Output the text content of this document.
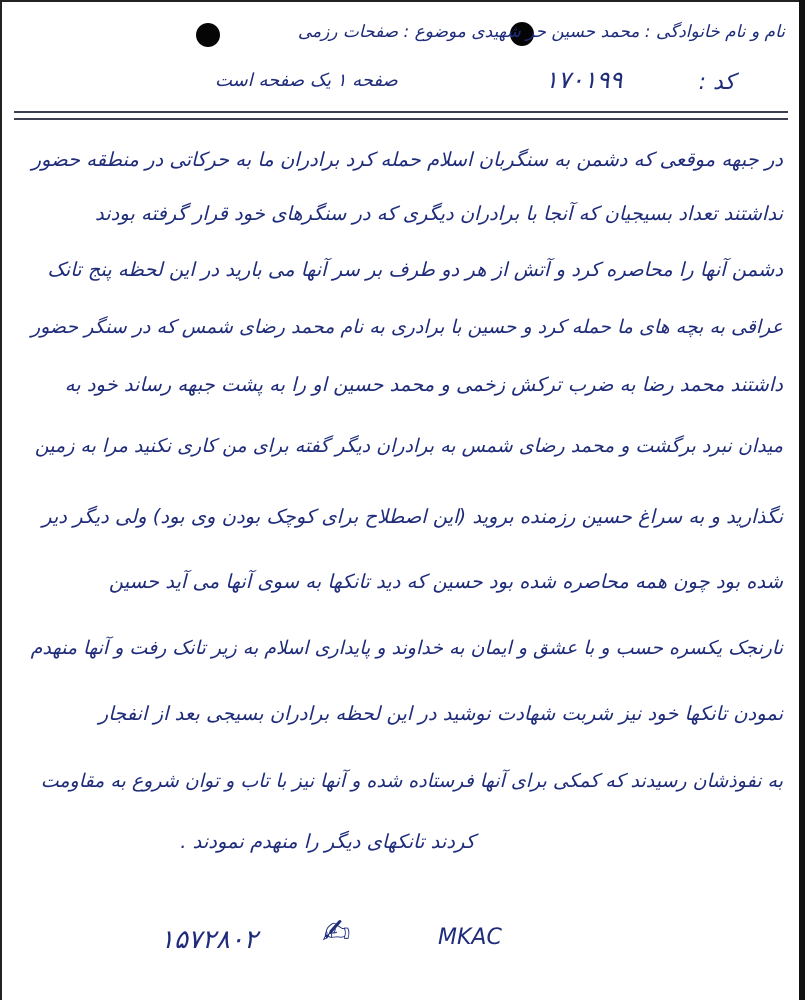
نام و نام خانوادگی : محمد حسین حر شهیدی موضوع : صفحات رزمی
کد :
۱۷۰۱۹۹
صفحه ۱ یک صفحه است
در جبهه موقعی که دشمن به سنگربان اسلام حمله کرد برادران ما به حرکاتی در منطقه حضور
نداشتند تعداد بسیجیان که آنجا با برادران دیگری که در سنگرهای خود قرار گرفته بودند
دشمن آنها را محاصره کرد و آتش از هر دو طرف بر سر آنها می بارید در این لحظه پنج تانک
عراقی به بچه های ما حمله کرد و حسین با برادری به نام محمد رضای شمس که در سنگر حضور
داشتند محمد رضا به ضرب ترکش زخمی و محمد حسین او را به پشت جبهه رساند خود به
میدان نبرد برگشت و محمد رضای شمس به برادران دیگر گفته برای من کاری نکنید مرا به زمین
نگذارید و به سراغ حسین رزمنده بروید (این اصطلاح برای کوچک بودن وی بود) ولی دیگر دیر
شده بود چون همه محاصره شده بود حسین که دید تانکها به سوی آنها می آید حسین
نارنجک یکسره حسب و با عشق و ایمان به خداوند و پایداری اسلام به زیر تانک رفت و آنها منهدم
نمودن تانکها خود نیز شربت شهادت نوشید در این لحظه برادران بسیجی بعد از انفجار
به نفوذشان رسیدند که کمکی برای آنها فرستاده شده و آنها نیز با تاب و توان شروع به مقاومت
کردند تانکهای دیگر را منهدم نمودند .
۱۵۷۲۸۰۲ ✍	MKAC
